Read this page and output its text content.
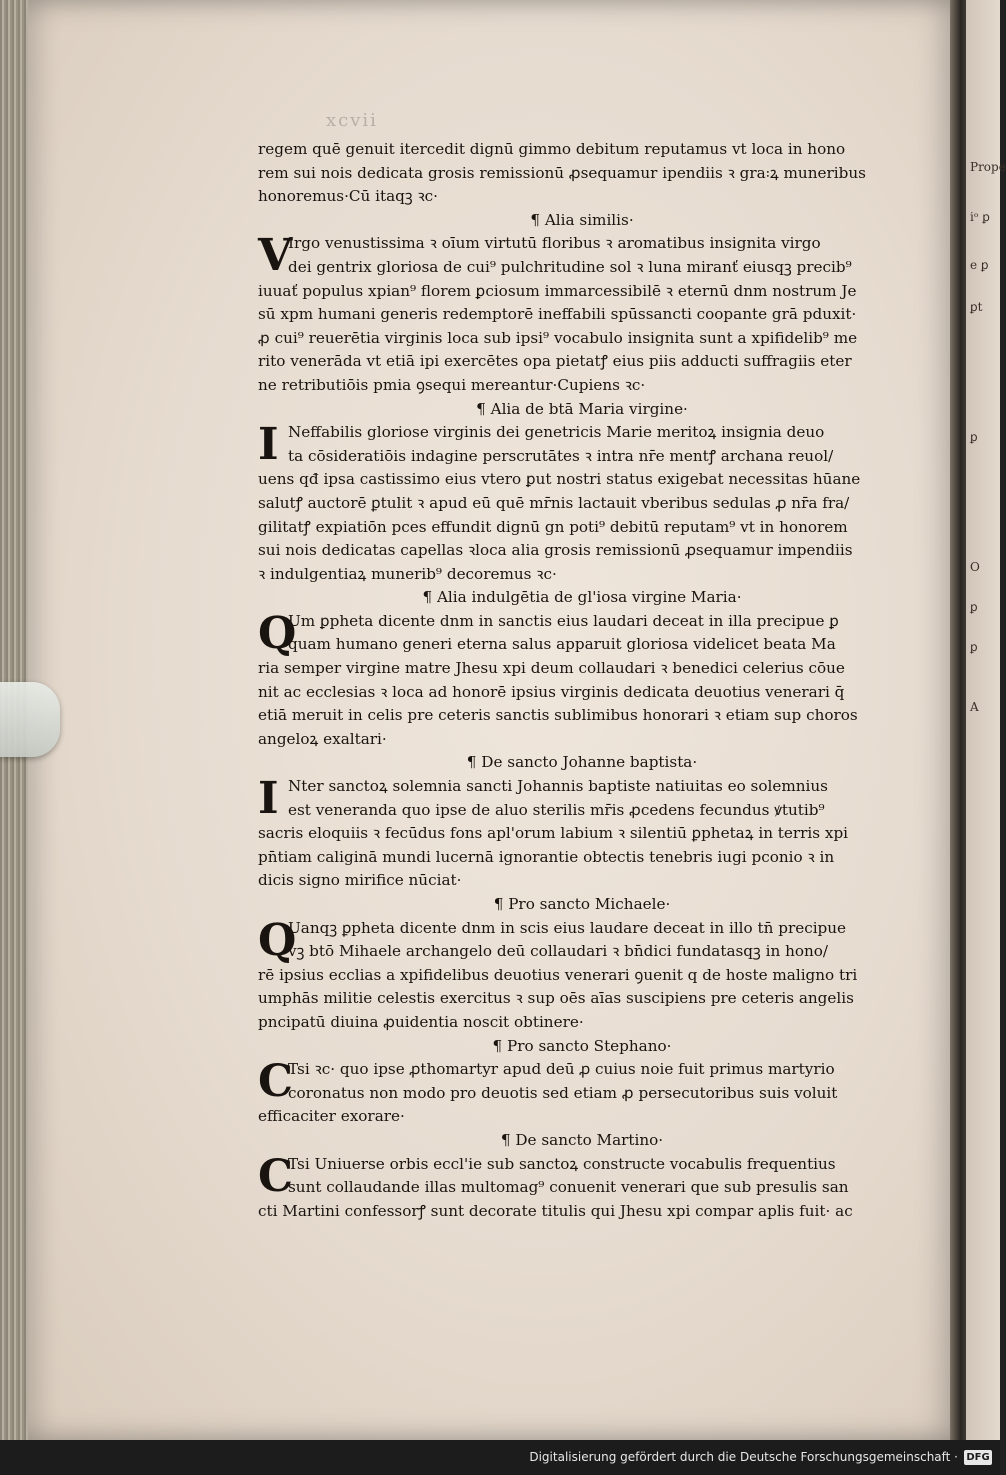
Prope
iᵒ ꝑ
e ꝑ
ꝑt
ꝑ
O
ꝑ
ꝑ
A
xcvii
regem quē genuit itercedit dignū gimmo debitum reputamus vt loca in hono
rem sui nois dedicata grosis remissionū ꝓsequamur ipendiis ꝛ gra꞉ꝝ muneribus
honoremus·Cū itaqꝫ ꝛc·
¶ Alia similis·
V
Irgo venustissima ꝛ oīum virtutū floribus ꝛ aromatibus insignita virgo
dei gentrix gloriosa de cui⁹ pulchritudine sol ꝛ luna miranť eiusqꝫ precib⁹
iuuať populus xpian⁹ florem ꝑciosum immarcessibilē ꝛ eternū dnm nostrum Je
sū xpm humani generis redemptorē ineffabili spūssancti coopante grā pduxit·
ꝓ cui⁹ reuerētia virginis loca sub ipsi⁹ vocabulo insignita sunt a xpifidelib⁹ me
rito venerāda vt etiā ipi exercētes opa pietatꝭ eius piis adducti suffragiis eter
ne retributiōis pmia ꝯsequi mereantur·Cupiens ꝛc·
¶ Alia de btā Maria virgine·
I Neffabilis gloriose virginis dei genetricis Marie meritoꝝ insignia deuo
ta cōsideratiōis indagine perscrutātes ꝛ intra nr̄e mentꝭ archana reuol/
uens qđ ipsa castissimo eius vtero ꝑut nostri status exigebat necessitas hūane
salutꝭ auctorē ꝑtulit ꝛ apud eū quē mr̄nis lactauit vberibus sedulas ꝓ nr̄a fra/
gilitatꝭ expiatiōn pces effundit dignū gn poti⁹ debitū reputam⁹ vt in honorem
sui nois dedicatas capellas ꝛloca alia grosis remissionū ꝓsequamur impendiis
ꝛ indulgentiaꝝ munerib⁹ decoremus ꝛc·
¶ Alia indulgētia de gl'iosa virgine Maria·
Q
Um ꝑpheta dicente dnm in sanctis eius laudari deceat in illa precipue ꝑ
quam humano generi eterna salus apparuit gloriosa videlicet beata Ma
ria semper virgine matre Jhesu xpi deum collaudari ꝛ benedici celerius cōue
nit ac ecclesias ꝛ loca ad honorē ipsius virginis dedicata deuotius venerari q̄
etiā meruit in celis pre ceteris sanctis sublimibus honorari ꝛ etiam sup choros
angeloꝝ exaltari·
¶ De sancto Johanne baptista·
I Nter sanctoꝝ solemnia sancti Johannis baptiste natiuitas eo solemnius
est veneranda quo ipse de aluo sterilis mr̄is ꝓcedens fecundus ꝟtutib⁹
sacris eloquiis ꝛ fecūdus fons apl'orum labium ꝛ silentiū ꝑphetaꝝ in terris xpi
pn̄tiam caliginā mundi lucernā ignorantie obtectis tenebris iugi pconio ꝛ in
dicis signo mirifice nūciat·
¶ Pro sancto Michaele·
Q
Uanqꝫ ꝑpheta dicente dnm in scis eius laudare deceat in illo tn̄ precipue
vꝫ btō Mihaele archangelo deū collaudari ꝛ bn̄dici fundatasqꝫ in hono/
rē ipsius ecclias a xpifidelibus deuotius venerari ꝯuenit q de hoste maligno tri
umphās militie celestis exercitus ꝛ sup oēs aīas suscipiens pre ceteris angelis
pncipatū diuina ꝓuidentia noscit obtinere·
¶ Pro sancto Stephano·
C
Tsi ꝛc· quo ipse ꝓthomartyr apud deū ꝓ cuius noie fuit primus martyrio
coronatus non modo pro deuotis sed etiam ꝓ persecutoribus suis voluit
efficaciter exorare·
¶ De sancto Martino·
C
Tsi Uniuerse orbis eccl'ie sub sanctoꝝ constructe vocabulis frequentius
sunt collaudande illas multomag⁹ conuenit venerari que sub presulis san
cti Martini confessorꝭ sunt decorate titulis qui Jhesu xpi compar aplis fuit· ac
Digitalisierung gefördert durch die Deutsche Forschungsgemeinschaft · DFG
